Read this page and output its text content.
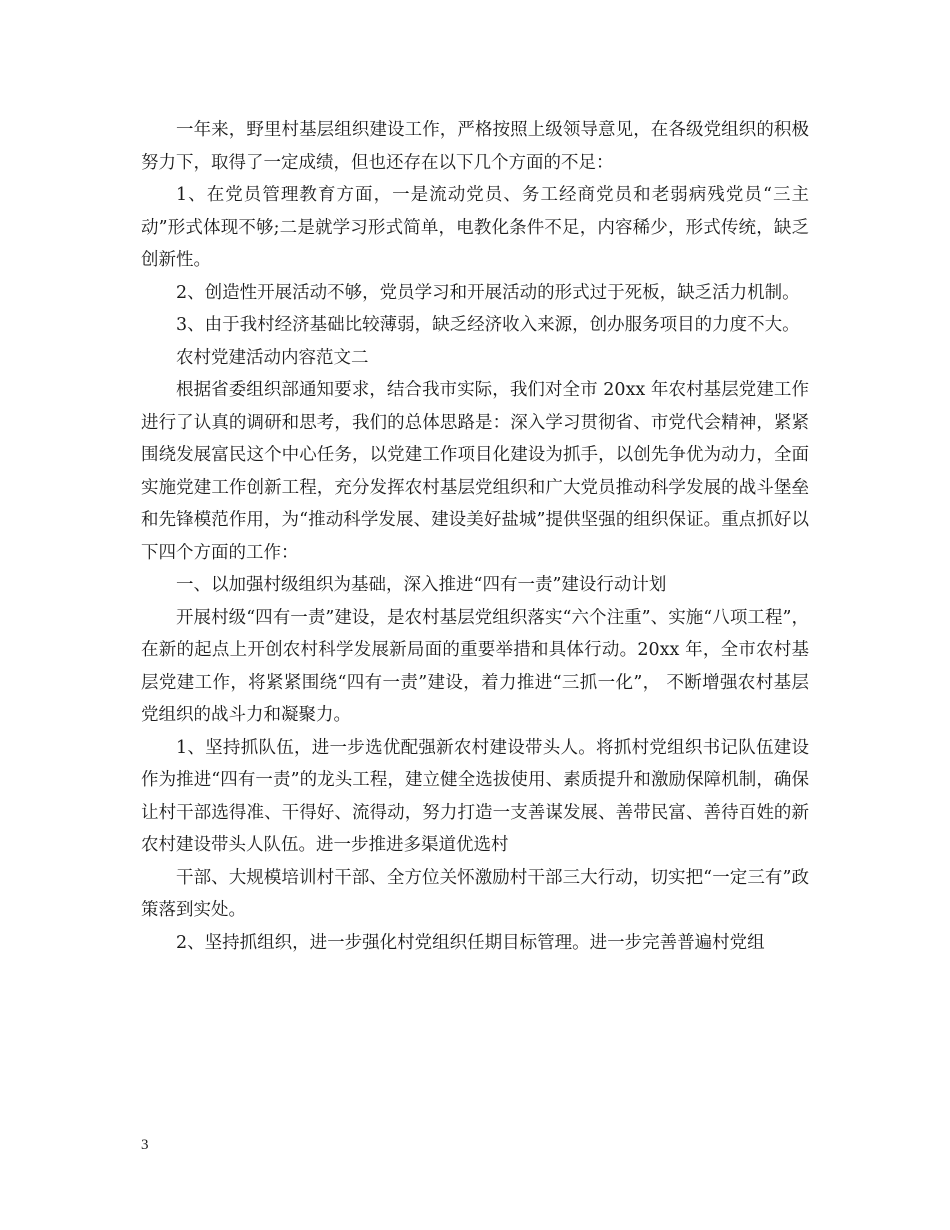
一年来，野里村基层组织建设工作，严格按照上级领导意见，在各级党组织的积极努力下，取得了一定成绩，但也还存在以下几个方面的不足：

1、在党员管理教育方面，一是流动党员、务工经商党员和老弱病残党员“三主动”形式体现不够;二是就学习形式简单，电教化条件不足，内容稀少，形式传统，缺乏创新性。

2、创造性开展活动不够，党员学习和开展活动的形式过于死板，缺乏活力机制。

3、由于我村经济基础比较薄弱，缺乏经济收入来源，创办服务项目的力度不大。

农村党建活动内容范文二

根据省委组织部通知要求，结合我市实际，我们对全市 20xx 年农村基层党建工作进行了认真的调研和思考，我们的总体思路是：深入学习贯彻省、市党代会精神，紧紧围绕发展富民这个中心任务，以党建工作项目化建设为抓手，以创先争优为动力，全面实施党建工作创新工程，充分发挥农村基层党组织和广大党员推动科学发展的战斗堡垒和先锋模范作用，为“推动科学发展、建设美好盐城”提供坚强的组织保证。重点抓好以下四个方面的工作：

一、以加强村级组织为基础，深入推进“四有一责”建设行动计划

开展村级“四有一责”建设，是农村基层党组织落实“六个注重”、实施“八项工程”，在新的起点上开创农村科学发展新局面的重要举措和具体行动。20xx 年，全市农村基层党建工作，将紧紧围绕“四有一责”建设，着力推进“三抓一化”， 不断增强农村基层党组织的战斗力和凝聚力。

1、坚持抓队伍，进一步选优配强新农村建设带头人。将抓村党组织书记队伍建设作为推进“四有一责”的龙头工程，建立健全选拔使用、素质提升和激励保障机制，确保让村干部选得准、干得好、流得动，努力打造一支善谋发展、善带民富、善待百姓的新农村建设带头人队伍。进一步推进多渠道优选村

干部、大规模培训村干部、全方位关怀激励村干部三大行动，切实把“一定三有”政策落到实处。

2、坚持抓组织，进一步强化村党组织任期目标管理。进一步完善普遍村党组

3
